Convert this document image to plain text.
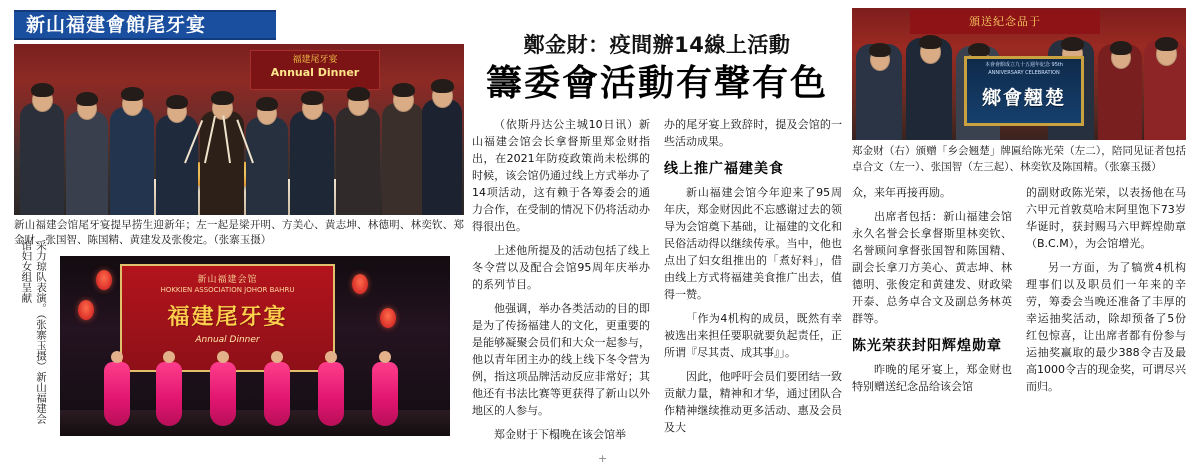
新山福建會館尾牙宴
福建尾牙宴
Annual Dinner
新山福建会馆尾牙宴提早捞生迎新年；左一起是梁开明、方美心、黄志坤、林德明、林奕钦、郑金财、张国智、陈国精、黄建发及张俊定。（张寨玉摄）
新山福建会馆
HOKKIEN ASSOCIATION JOHOR BAHRU
福建尾牙宴
Annual Dinner
采力琼队表演。（张寨玉摄）新山福建会馆妇女组呈献
鄭金財：疫間辦14線上活動
籌委會活動有聲有色

（依斯丹达公主城10日讯）新山福建会馆会长拿督斯里郑金财指出，在2021年防疫政策尚未松绑的时候，该会馆仍通过线上方式举办了14项活动，这有赖于各筹委会的通力合作，在受制的情况下仍将活动办得很出色。

上述他所提及的活动包括了线上冬令营以及配合会馆95周年庆举办的系列节目。

他强调，举办各类活动的目的即是为了传扬福建人的文化，更重要的是能够凝聚会员们和大众一起参与，他以青年团主办的线上线下冬令营为例，指这项品牌活动反应非常好；其他还有书法比赛等更获得了新山以外地区的人参与。

郑金财于下榻晚在该会馆举

办的尾牙宴上致辞时，提及会馆的一些活动成果。

线上推广福建美食

新山福建会馆今年迎来了95周年庆，郑金财因此不忘感谢过去的领导为会馆奠下基础，让福建的文化和民俗活动得以继续传承。当中，他也点出了妇女组推出的「煮好料」，借由线上方式将福建美食推广出去，值得一赞。

「作为4机构的成员，既然有幸被选出来担任要职就要负起责任，正所谓『尽其责、成其事』」。

因此，他呼吁会员们要团结一致贡献力量，精神和才华，通过团队合作精神继续推动更多活动、惠及会员及大

頒送紀念品于
本會會館成立九十五週年紀念 95th ANNIVERSARY CELEBRATION
鄉會翹楚
郑金财（右）颁赠「乡会翘楚」牌匾给陈光荣（左二），陪同见证者包括卓合文（左一）、张国智（左三起）、林奕钦及陈国精。（张寨玉摄）

众，来年再接再励。

出席者包括：新山福建会馆永久名誉会长拿督斯里林奕钦、名誉顾问拿督张国智和陈国精、副会长拿刀方美心、黄志坤、林德明、张俊定和黄建发、财政梁开泰、总务卓合文及副总务林英群等。

陈光荣获封阳辉煌勋章

昨晚的尾牙宴上，郑金财也特别赠送纪念品给该会馆

的副财政陈光荣，以表扬他在马六甲元首敦莫哈末阿里饱下73岁华诞时，获封赐马六甲辉煌勋章（B.C.M），为会馆增光。

另一方面，为了犒赏4机构理事们以及职员们一年来的辛劳，筹委会当晚还准备了丰厚的幸运抽奖活动，除却预备了5份红包惊喜，让出席者都有份参与运抽奖赢取的最少388令吉及最高1000令吉的现金奖，可谓尽兴而归。

+
